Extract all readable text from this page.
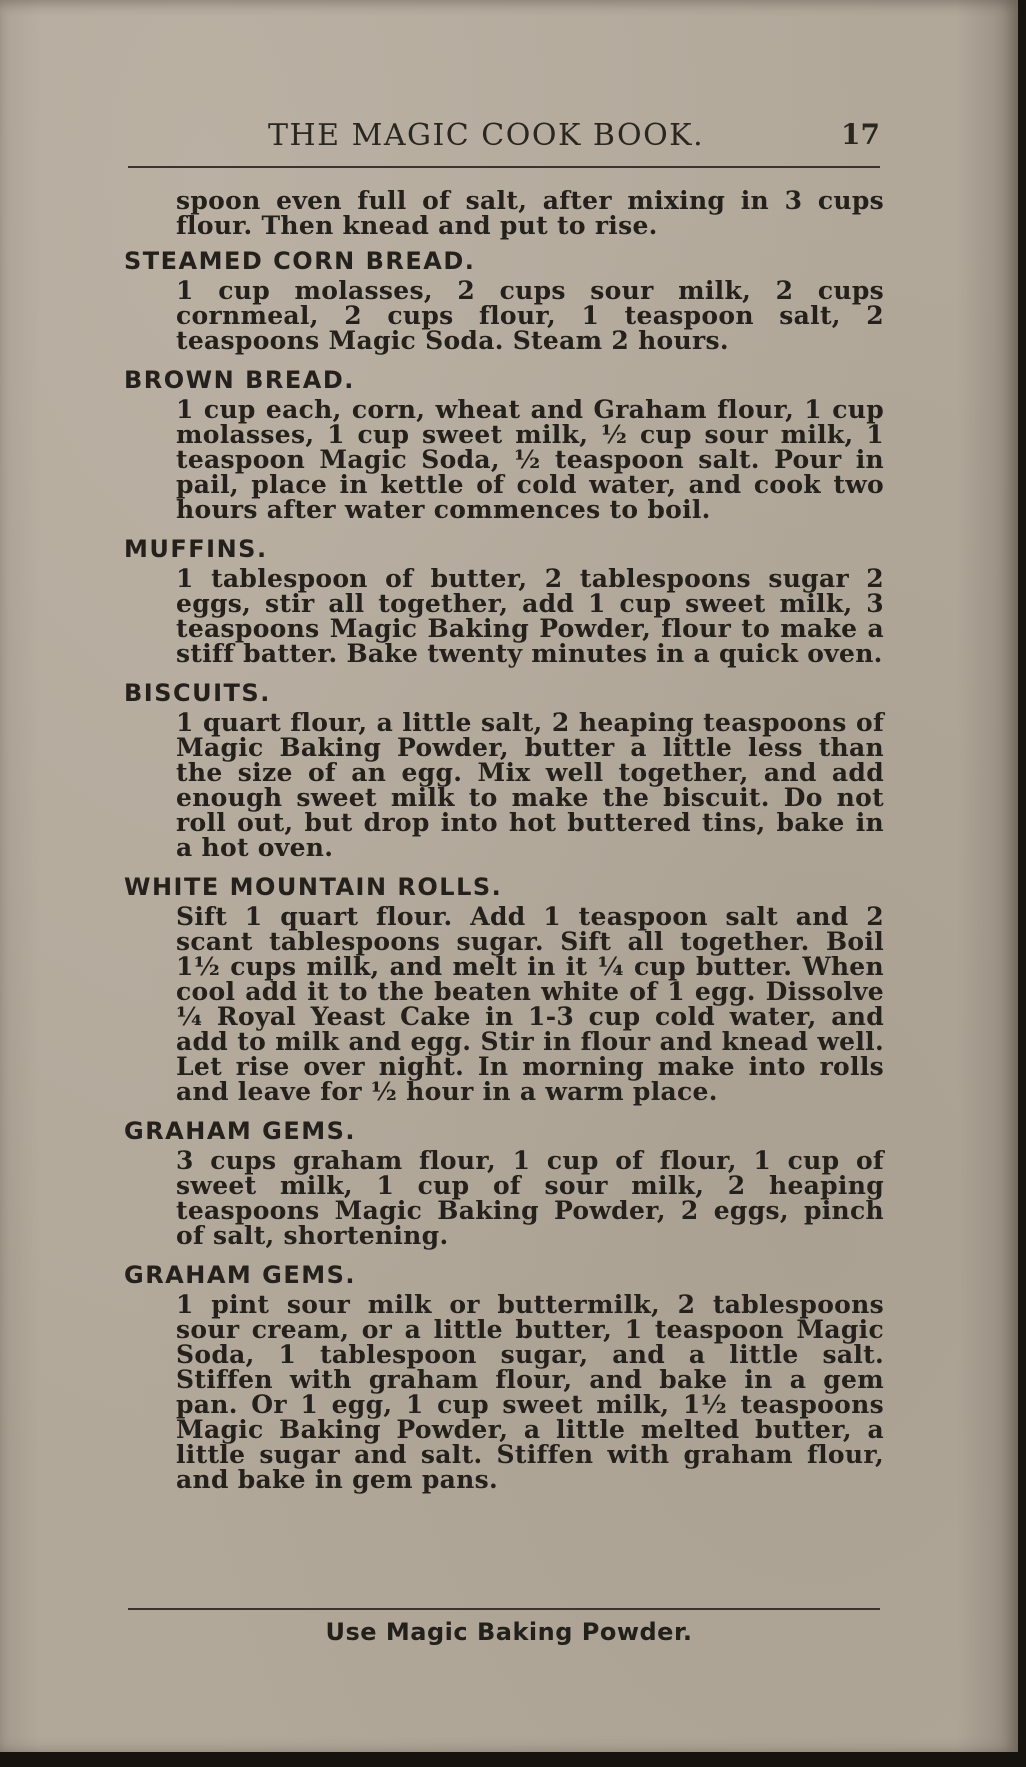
THE MAGIC COOK BOOK.	17

spoon even full of salt, after mixing in 3 cups flour. Then knead and put to rise.

STEAMED CORN BREAD.

1 cup molasses, 2 cups sour milk, 2 cups cornmeal, 2 cups flour, 1 teaspoon salt, 2 teaspoons Magic Soda. Steam 2 hours.

BROWN BREAD.

1 cup each, corn, wheat and Graham flour, 1 cup molasses, 1 cup sweet milk, ½ cup sour milk, 1 teaspoon Magic Soda, ½ teaspoon salt. Pour in pail, place in kettle of cold water, and cook two hours after water commences to boil.

MUFFINS.

1 tablespoon of butter, 2 tablespoons sugar 2 eggs, stir all together, add 1 cup sweet milk, 3 teaspoons Magic Baking Powder, flour to make a stiff batter. Bake twenty minutes in a quick oven.

BISCUITS.

1 quart flour, a little salt, 2 heaping teaspoons of Magic Baking Powder, butter a little less than the size of an egg. Mix well together, and add enough sweet milk to make the biscuit. Do not roll out, but drop into hot buttered tins, bake in a hot oven.

WHITE MOUNTAIN ROLLS.

Sift 1 quart flour. Add 1 teaspoon salt and 2 scant tablespoons sugar. Sift all together. Boil 1½ cups milk, and melt in it ¼ cup butter. When cool add it to the beaten white of 1 egg. Dissolve ¼ Royal Yeast Cake in 1-3 cup cold water, and add to milk and egg. Stir in flour and knead well. Let rise over night. In morning make into rolls and leave for ½ hour in a warm place.

GRAHAM GEMS.

3 cups graham flour, 1 cup of flour, 1 cup of sweet milk, 1 cup of sour milk, 2 heaping teaspoons Magic Baking Powder, 2 eggs, pinch of salt, shortening.

GRAHAM GEMS.

1 pint sour milk or buttermilk, 2 tablespoons sour cream, or a little butter, 1 teaspoon Magic Soda, 1 tablespoon sugar, and a little salt. Stiffen with graham flour, and bake in a gem pan. Or 1 egg, 1 cup sweet milk, 1½ teaspoons Magic Baking Powder, a little melted butter, a little sugar and salt. Stiffen with graham flour, and bake in gem pans.

Use Magic Baking Powder.
